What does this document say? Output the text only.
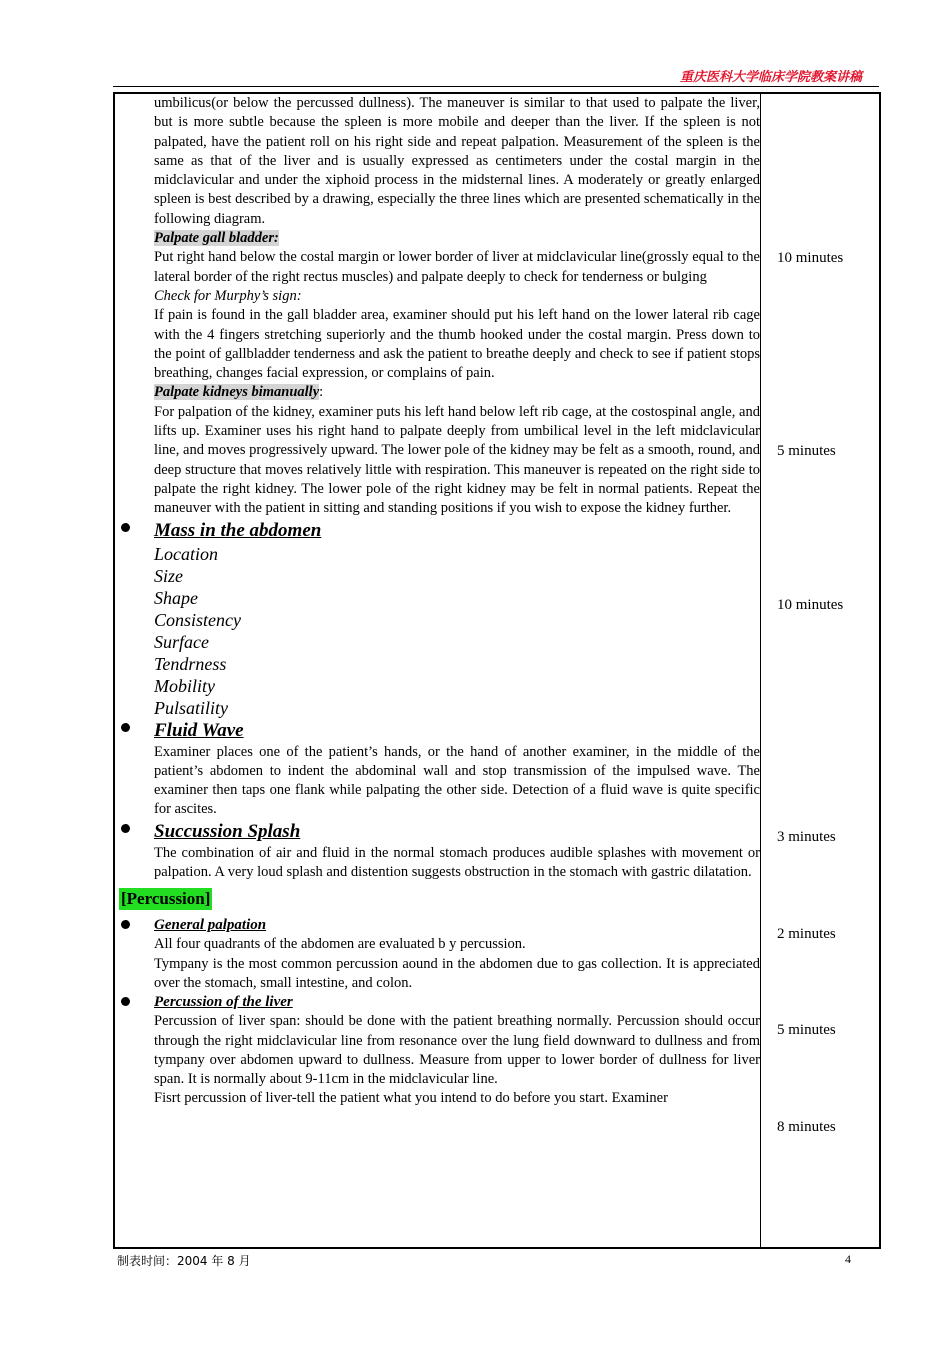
重庆医科大学临床学院教案讲稿

umbilicus(or below the percussed dullness). The maneuver is similar to that used to palpate the liver, but is more subtle because the spleen is more mobile and deeper than the liver. If the spleen is not palpated, have the patient roll on his right side and repeat palpation. Measurement of the spleen is the same as that of the liver and is usually expressed as centimeters under the costal margin in the midclavicular and under the xiphoid process in the midsternal lines. A moderately or greatly enlarged spleen is best described by a drawing, especially the three lines which are presented schematically in the following diagram.

Palpate gall bladder:

Put right hand below the costal margin or lower border of liver at midclavicular line(grossly equal to the lateral border of the right rectus muscles) and palpate deeply to check for tenderness or bulging

Check for Murphy’s sign:

If pain is found in the gall bladder area, examiner should put his left hand on the lower lateral rib cage with the 4 fingers stretching superiorly and the thumb hooked under the costal margin. Press down to the point of gallbladder tenderness and ask the patient to breathe deeply and check to see if patient stops breathing, changes facial expression, or complains of pain.

Palpate kidneys bimanually:

For palpation of the kidney, examiner puts his left hand below left rib cage, at the costospinal angle, and lifts up. Examiner uses his right hand to palpate deeply from umbilical level in the left midclavicular line, and moves progressively upward. The lower pole of the kidney may be felt as a smooth, round, and deep structure that moves relatively little with respiration. This maneuver is repeated on the right side to palpate the right kidney. The lower pole of the right kidney may be felt in normal patients. Repeat the maneuver with the patient in sitting and standing positions if you wish to expose the kidney further.

Mass in the abdomen
Location
Size
Shape
Consistency
Surface
Tendrness
Mobility
Pulsatility
Fluid Wave

Examiner places one of the patient’s hands, or the hand of another examiner, in the middle of the patient’s abdomen to indent the abdominal wall and stop transmission of the impulsed wave. The examiner then taps one flank while palpating the other side. Detection of a fluid wave is quite specific for ascites.

Succussion Splash

The combination of air and fluid in the normal stomach produces audible splashes with movement or palpation. A very loud splash and distention suggests obstruction in the stomach with gastric dilatation.

[Percussion]
General palpation

All four quadrants of the abdomen are evaluated b y percussion.

Tympany is the most common percussion aound in the abdomen due to gas collection. It is appreciated over the stomach, small intestine, and colon.

Percussion of the liver

Percussion of liver span: should be done with the patient breathing normally. Percussion should occur through the right midclavicular line from resonance over the lung field downward to dullness and from tympany over abdomen upward to dullness. Measure from upper to lower border of dullness for liver span. It is normally about 9-11cm in the midclavicular line.

Fisrt percussion of liver-tell the patient what you intend to do before you start. Examiner

10 minutes
5 minutes
10 minutes
3 minutes
2 minutes
5 minutes
8 minutes
制表时间：2004 年 8 月	4
